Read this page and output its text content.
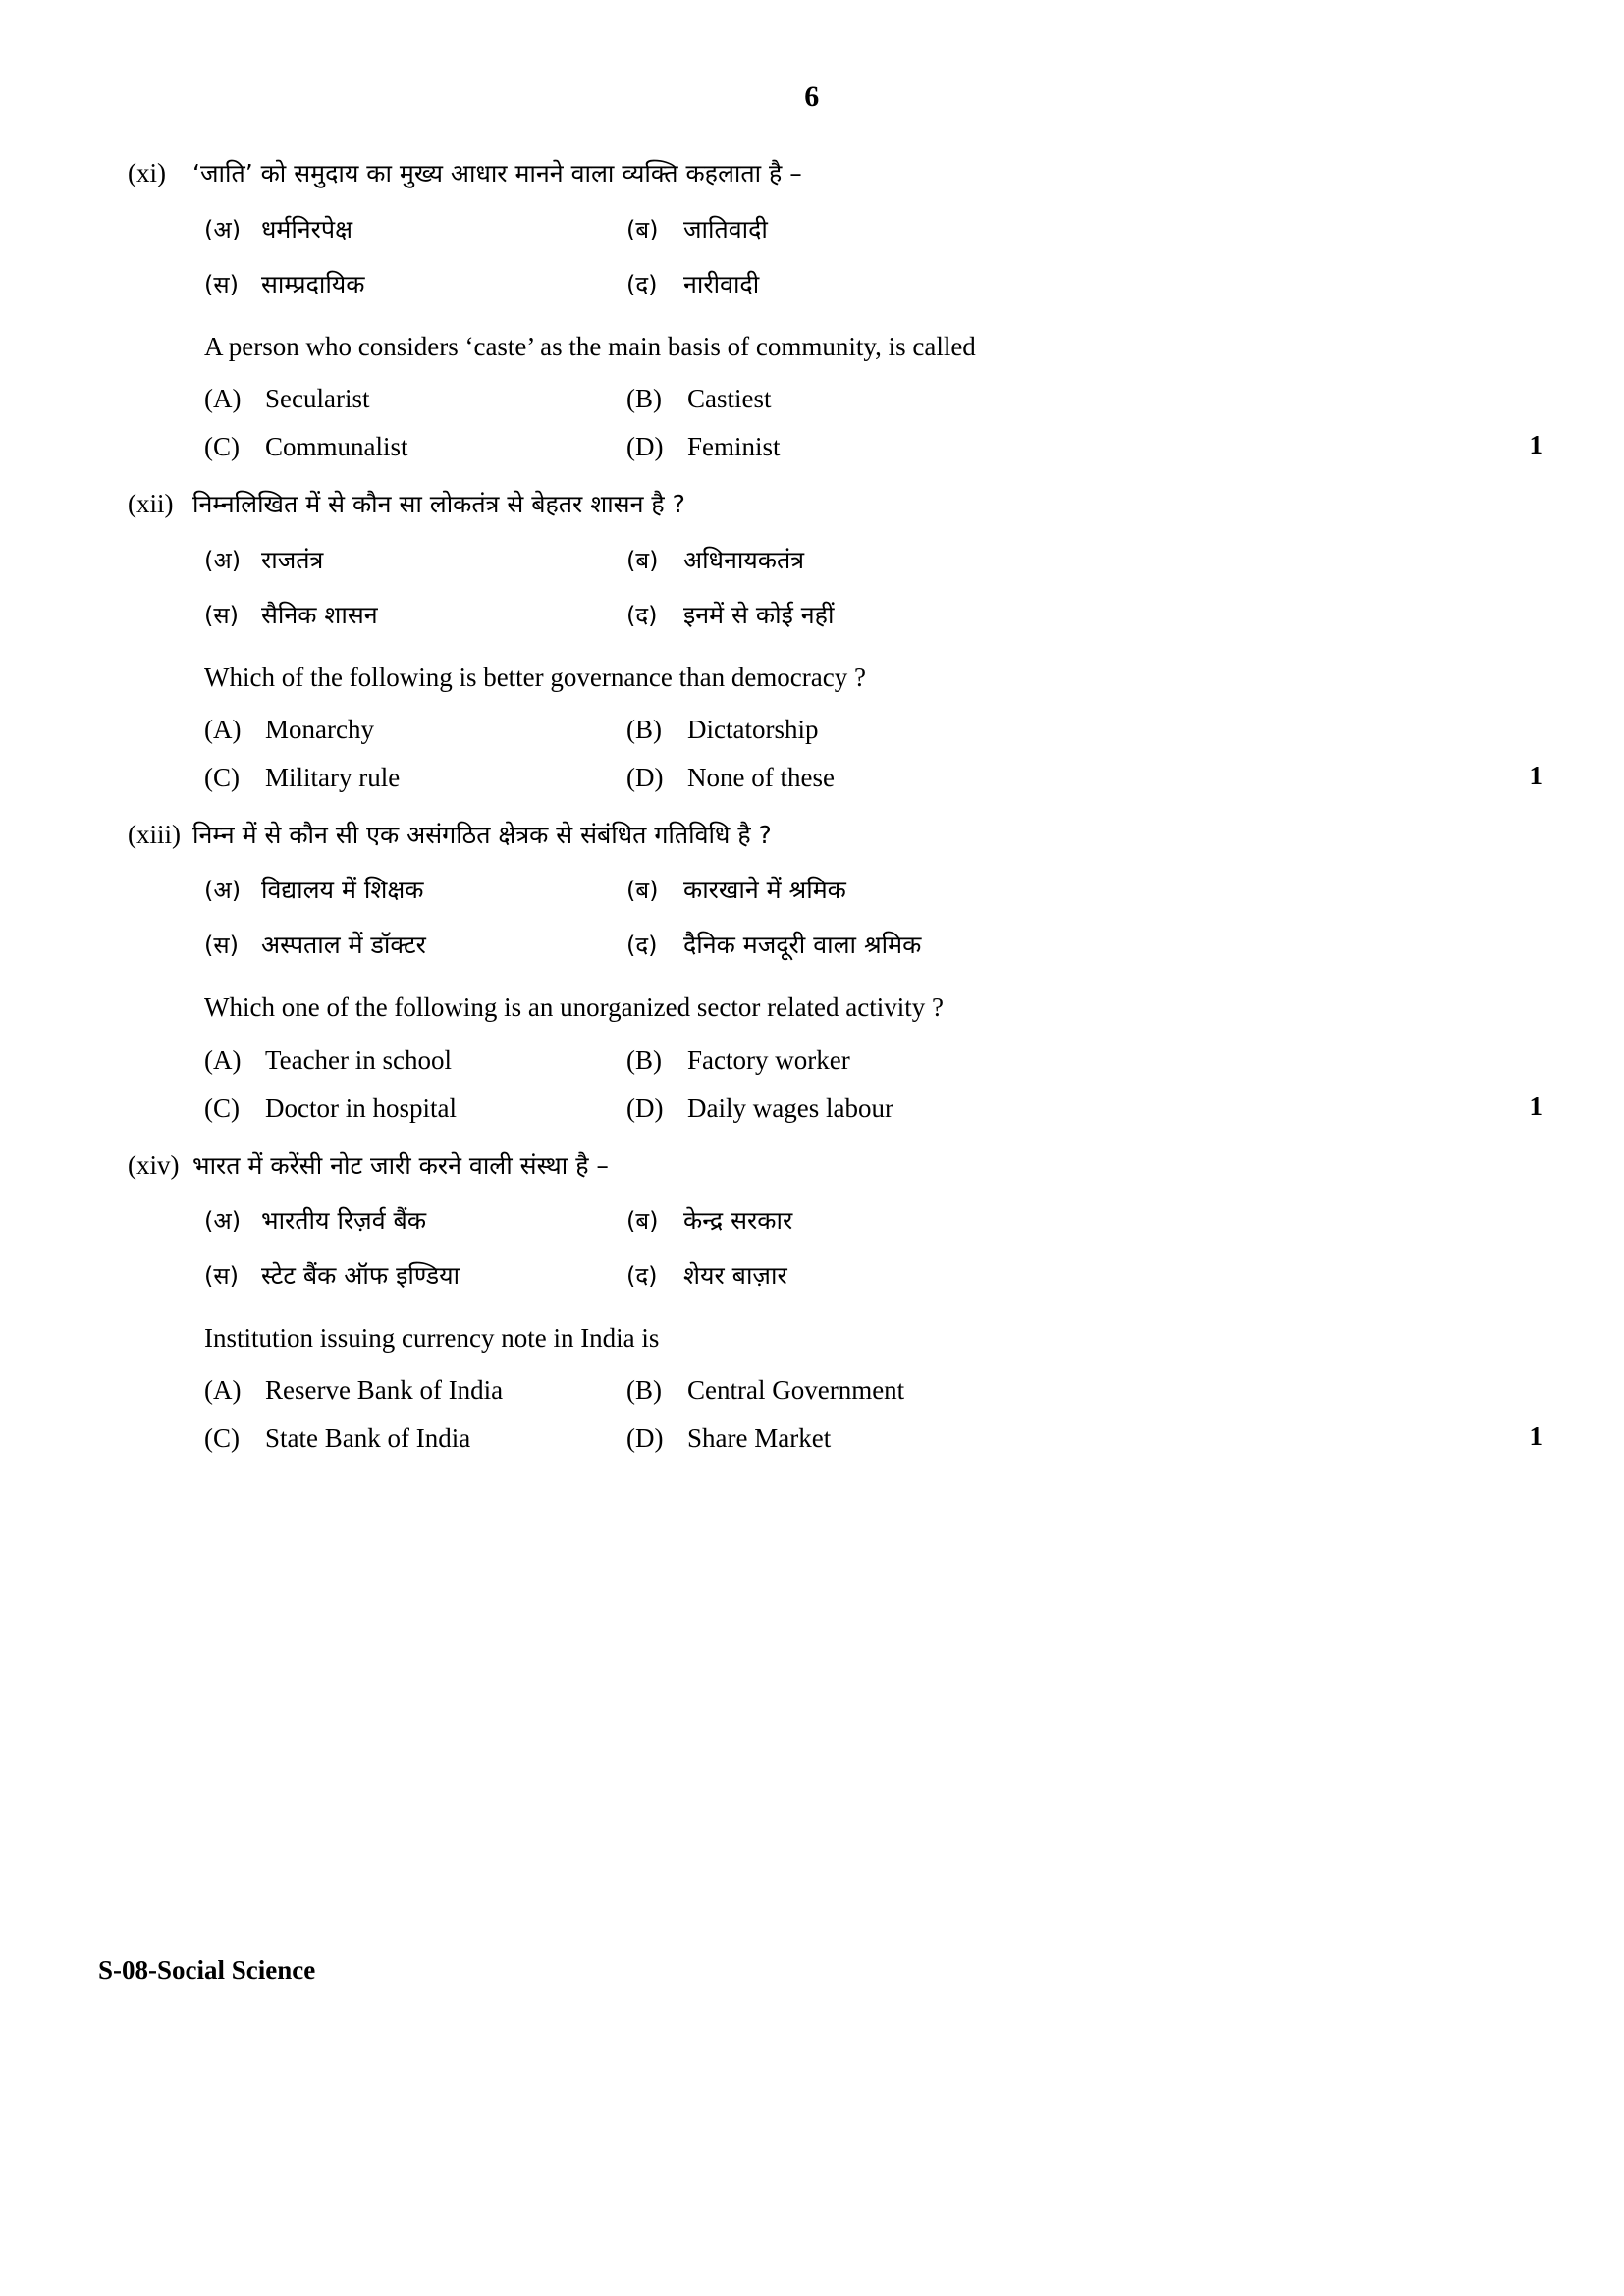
6
(xi)	‘जाति’ को समुदाय का मुख्य आधार मानने वाला व्यक्ति कहलाता है –
(अ) धर्मनिरपेक्ष	(ब)	जातिवादी
(स) साम्प्रदायिक	(द)	नारीवादी
A person who considers ‘caste’ as the main basis of community, is called
(A) Secularist	(B) Castiest
(C) Communalist	(D) Feminist	1
(xii) निम्नलिखित में से कौन सा लोकतंत्र से बेहतर शासन है ?
(अ) राजतंत्र	(ब)	अधिनायकतंत्र
(स) सैनिक शासन	(द)	इनमें से कोई नहीं
Which of the following is better governance than democracy ?
(A) Monarchy	(B) Dictatorship
(C) Military rule	(D) None of these	1
(xiii) निम्न में से कौन सी एक असंगठित क्षेत्रक से संबंधित गतिविधि है ?
(अ) विद्यालय में शिक्षक	(ब)	कारखाने में श्रमिक
(स) अस्पताल में डॉक्टर	(द)	दैनिक मजदूरी वाला श्रमिक
Which one of the following is an unorganized sector related activity ?
(A) Teacher in school	(B) Factory worker
(C) Doctor in hospital	(D) Daily wages labour	1
(xiv) भारत में करेंसी नोट जारी करने वाली संस्था है –
(अ) भारतीय रिज़र्व बैंक	(ब)	केन्द्र सरकार
(स) स्टेट बैंक ऑफ इण्डिया	(द)	शेयर बाज़ार
Institution issuing currency note in India is
(A) Reserve Bank of India	(B) Central Government
(C) State Bank of India	(D) Share Market	1
S-08-Social Science
